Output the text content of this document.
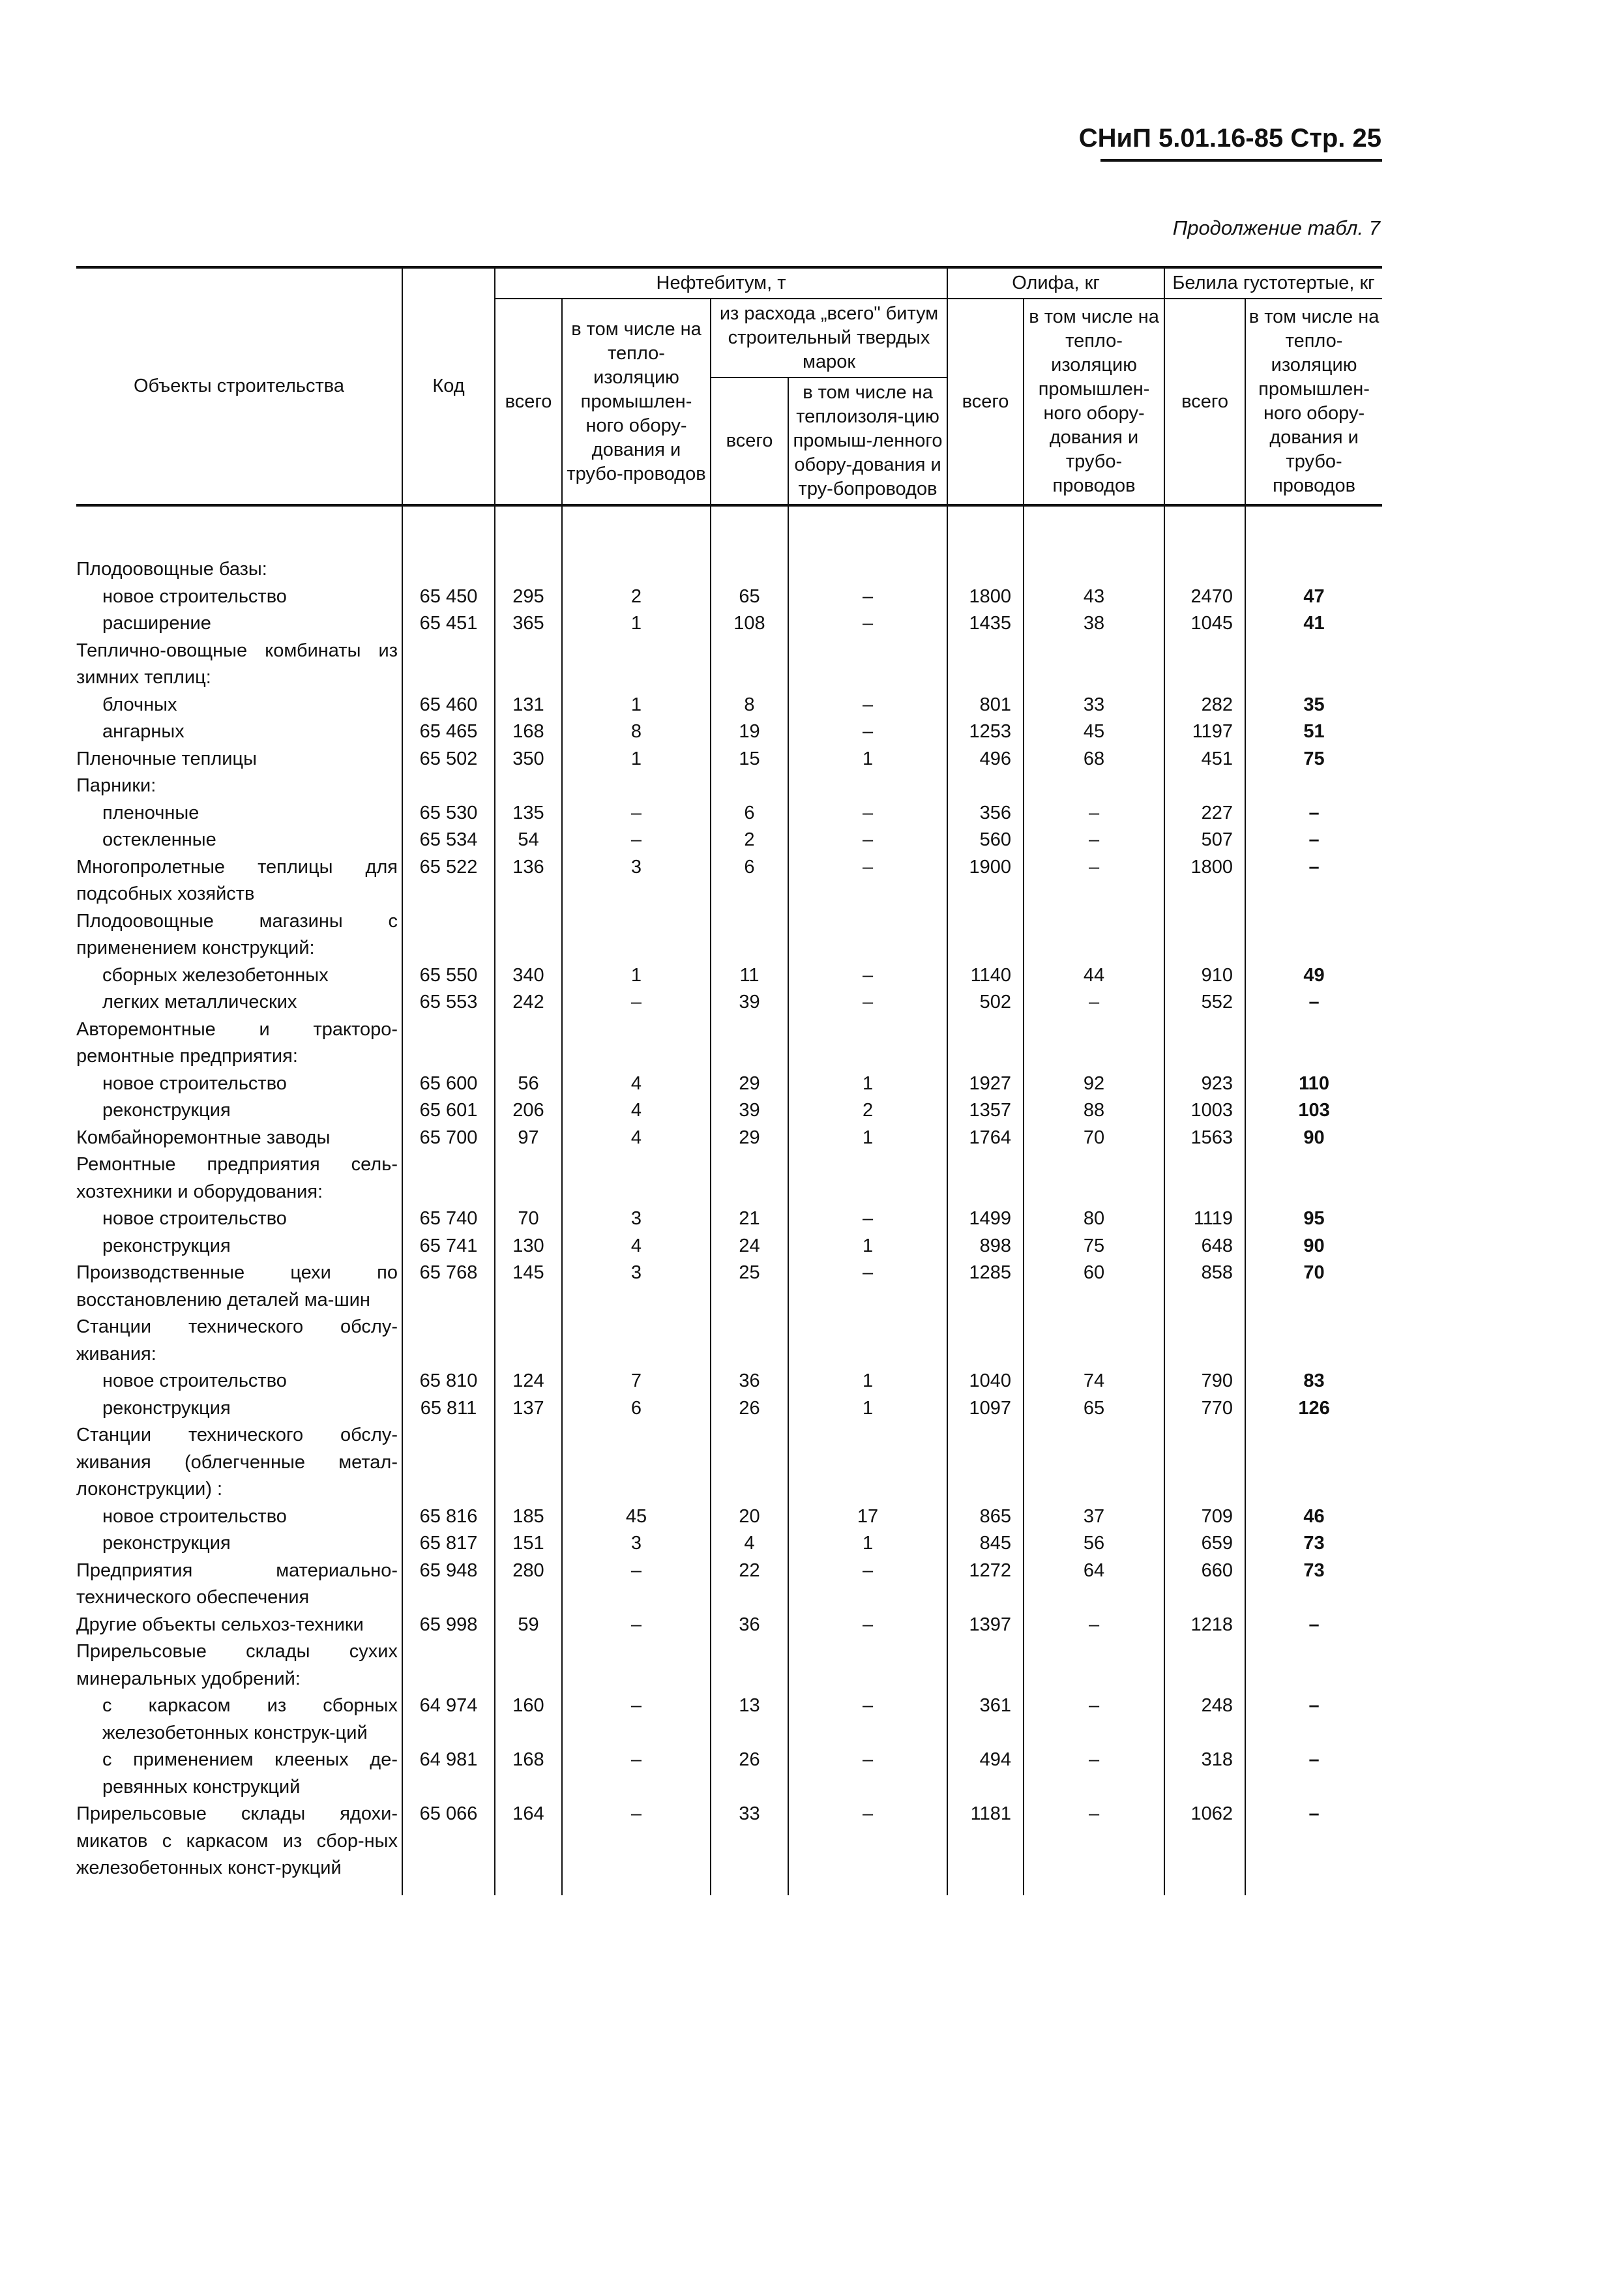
СНиП 5.01.16-85 Стр. 25
Продолжение табл. 7
Объекты строительства	Код	Нефтебитум, т				Олифа, кг		Белила густотертые, кг	
		всего	в том числе на тепло-изоляцию промышлен-ного обору-дования и трубо-проводов	из расхода „всего" битум строительный твердых марок		всего	в том числе на тепло-изоляцию промышлен-ного обору-дования и трубо-проводов	всего	в том числе на тепло-изоляцию промышлен-ного обору-дования и трубо-проводов
				всего	в том числе на теплоизоля-цию промыш-ленного обору-дования и тру-бопроводов				

Плодоовощные базы:									
новое строительство	65 450	295	2	65	–	1800	43	2470	47
расширение	65 451	365	1	108	–	1435	38	1045	41
Теплично-овощные комбинаты из зимних теплиц:									
блочных	65 460	131	1	8	–	801	33	282	35
ангарных	65 465	168	8	19	–	1253	45	1197	51
Пленочные теплицы	65 502	350	1	15	1	496	68	451	75
Парники:									
пленочные	65 530	135	–	6	–	356	–	227	–
остекленные	65 534	54	–	2	–	560	–	507	–
Многопролетные теплицы для подсобных хозяйств	65 522	136	3	6	–	1900	–	1800	–
Плодоовощные магазины с применением конструкций:									
сборных железобетонных	65 550	340	1	11	–	1140	44	910	49
легких металлических	65 553	242	–	39	–	502	–	552	–
Авторемонтные и тракторо-ремонтные предприятия:									
новое строительство	65 600	56	4	29	1	1927	92	923	110
реконструкция	65 601	206	4	39	2	1357	88	1003	103
Комбайноремонтные заводы	65 700	97	4	29	1	1764	70	1563	90
Ремонтные предприятия сель-хозтехники и оборудования:									
новое строительство	65 740	70	3	21	–	1499	80	1119	95
реконструкция	65 741	130	4	24	1	898	75	648	90
Производственные цехи по восстановлению деталей ма-шин	65 768	145	3	25	–	1285	60	858	70
Станции технического обслу-живания:									
новое строительство	65 810	124	7	36	1	1040	74	790	83
реконструкция	65 811	137	6	26	1	1097	65	770	126
Станции технического обслу-живания (облегченные метал-локонструкции) :									
новое строительство	65 816	185	45	20	17	865	37	709	46
реконструкция	65 817	151	3	4	1	845	56	659	73
Предприятия материально-технического обеспечения	65 948	280	–	22	–	1272	64	660	73
Другие объекты сельхоз-техники	65 998	59	–	36	–	1397	–	1218	–
Прирельсовые склады сухих минеральных удобрений:									
с каркасом из сборных железобетонных конструк-ций	64 974	160	–	13	–	361	–	248	–
с применением клееных де-ревянных конструкций	64 981	168	–	26	–	494	–	318	–
Прирельсовые склады ядохи-микатов с каркасом из сбор-ных железобетонных конст-рукций	65 066	164	–	33	–	1181	–	1062	–
